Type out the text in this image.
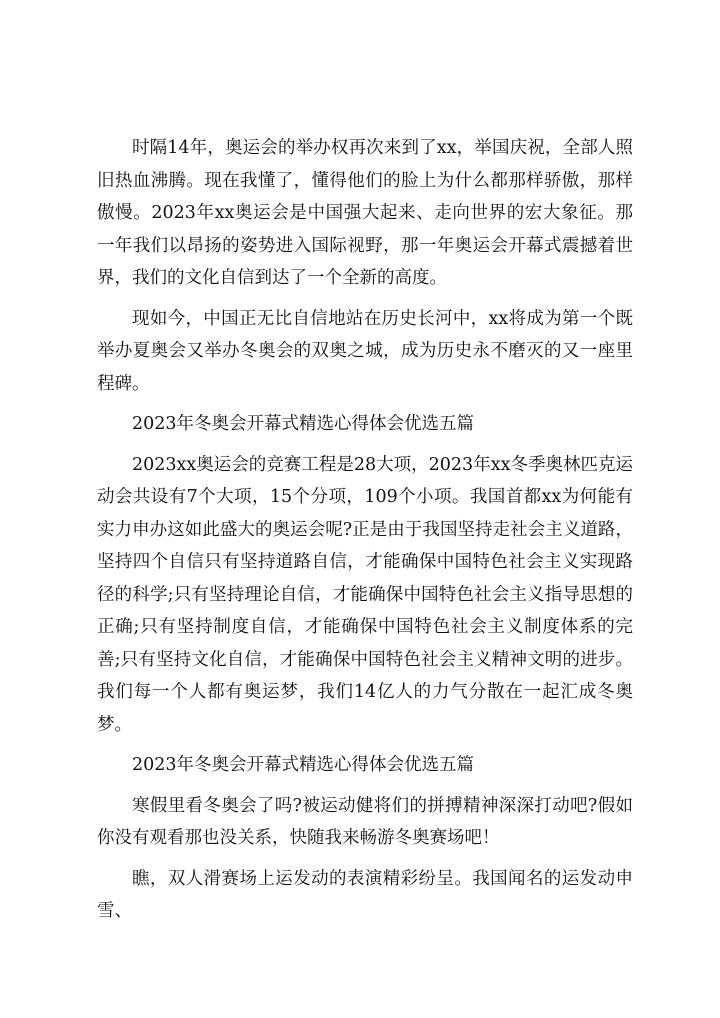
时隔14年，奥运会的举办权再次来到了xx，举国庆祝，全部人照旧热血沸腾。现在我懂了，懂得他们的脸上为什么都那样骄傲，那样傲慢。2023年xx奥运会是中国强大起来、走向世界的宏大象征。那一年我们以昂扬的姿势进入国际视野，那一年奥运会开幕式震撼着世界，我们的文化自信到达了一个全新的高度。

现如今，中国正无比自信地站在历史长河中，xx将成为第一个既举办夏奥会又举办冬奥会的双奥之城，成为历史永不磨灭的又一座里程碑。

2023年冬奥会开幕式精选心得体会优选五篇

2023xx奥运会的竞赛工程是28大项，2023年xx冬季奥林匹克运动会共设有7个大项，15个分项，109个小项。我国首都xx为何能有实力申办这如此盛大的奥运会呢?正是由于我国坚持走社会主义道路，坚持四个自信只有坚持道路自信，才能确保中国特色社会主义实现路径的科学;只有坚持理论自信，才能确保中国特色社会主义指导思想的正确;只有坚持制度自信，才能确保中国特色社会主义制度体系的完善;只有坚持文化自信，才能确保中国特色社会主义精神文明的进步。我们每一个人都有奥运梦，我们14亿人的力气分散在一起汇成冬奥梦。

2023年冬奥会开幕式精选心得体会优选五篇

寒假里看冬奥会了吗?被运动健将们的拼搏精神深深打动吧?假如你没有观看那也没关系，快随我来畅游冬奥赛场吧！

瞧，双人滑赛场上运发动的表演精彩纷呈。我国闻名的运发动申雪、
